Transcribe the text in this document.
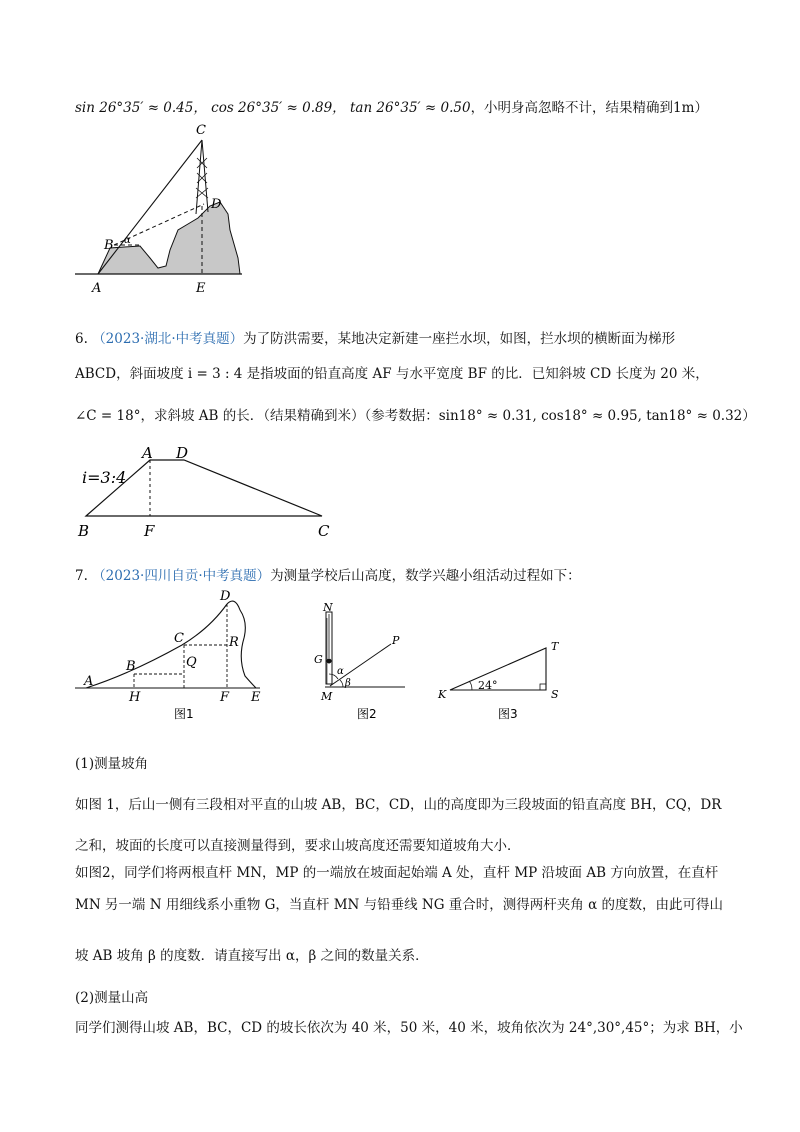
sin 26°35′ ≈ 0.45， cos 26°35′ ≈ 0.89， tan 26°35′ ≈ 0.50，小明身高忽略不计，结果精确到1m）
C
D
B α
A	E
6. （2023·湖北·中考真题）为了防洪需要，某地决定新建一座拦水坝，如图，拦水坝的横断面为梯形
ABCD，斜面坡度 i = 3 : 4 是指坡面的铅直高度 AF 与水平宽度 BF 的比．已知斜坡 CD 长度为 20 米，
∠C = 18°，求斜坡 AB 的长．（结果精确到米）（参考数据：sin18° ≈ 0.31, cos18° ≈ 0.95, tan18° ≈ 0.32）
i=3:4
A D
B	F	C
7. （2023·四川自贡·中考真题）为测量学校后山高度，数学兴趣小组活动过程如下：
A
B
C
D
Q
R
H	F E
图1
N
G
P
α
β
M
图2
24°
K	S
T
图3
(1)测量坡角
如图 1，后山一侧有三段相对平直的山坡 AB，BC，CD，山的高度即为三段坡面的铅直高度 BH，CQ，DR
之和，坡面的长度可以直接测量得到，要求山坡高度还需要知道坡角大小．
如图2，同学们将两根直杆 MN，MP 的一端放在坡面起始端 A 处，直杆 MP 沿坡面 AB 方向放置，在直杆
MN 另一端 N 用细线系小重物 G，当直杆 MN 与铅垂线 NG 重合时，测得两杆夹角 α 的度数，由此可得山
坡 AB 坡角 β 的度数．请直接写出 α，β 之间的数量关系．
(2)测量山高
同学们测得山坡 AB，BC，CD 的坡长依次为 40 米，50 米，40 米，坡角依次为 24°,30°,45°；为求 BH，小
